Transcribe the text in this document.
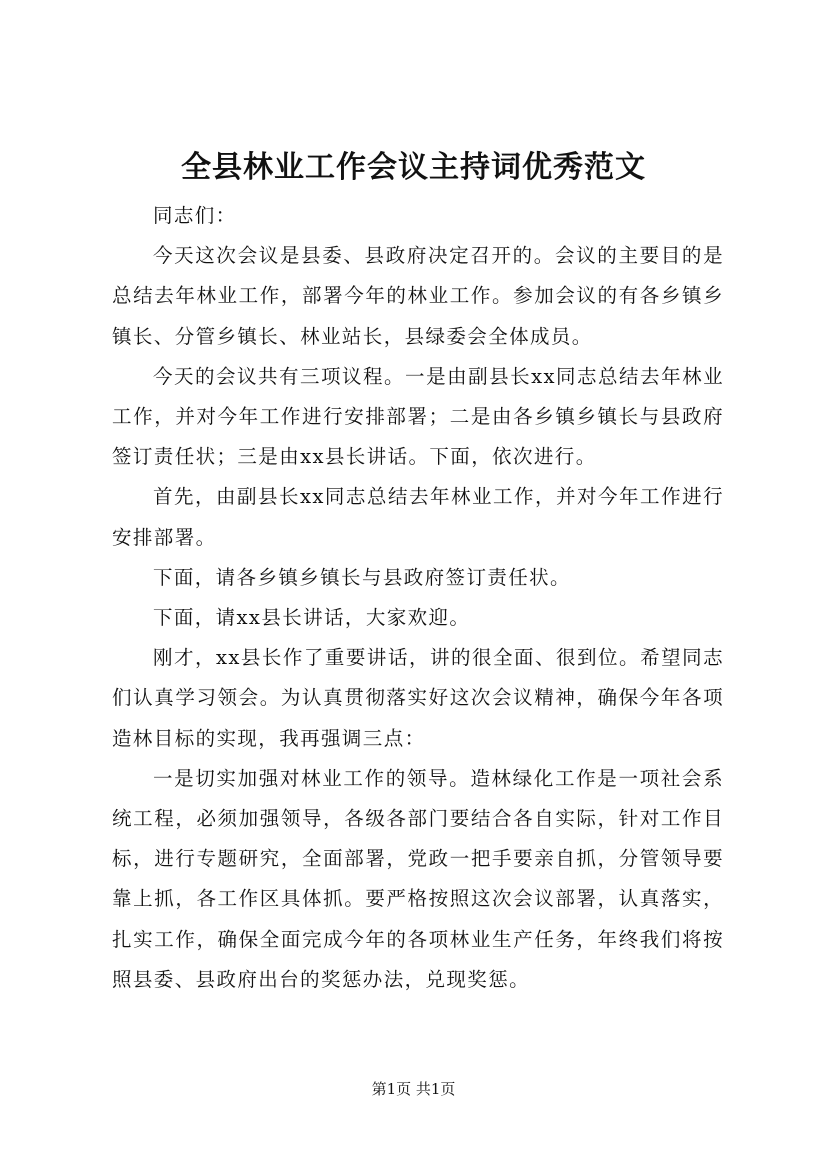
全县林业工作会议主持词优秀范文

同志们：

今天这次会议是县委、县政府决定召开的。会议的主要目的是总结去年林业工作，部署今年的林业工作。参加会议的有各乡镇乡镇长、分管乡镇长、林业站长，县绿委会全体成员。

今天的会议共有三项议程。一是由副县长xx同志总结去年林业工作，并对今年工作进行安排部署；二是由各乡镇乡镇长与县政府签订责任状；三是由xx县长讲话。下面，依次进行。

首先，由副县长xx同志总结去年林业工作，并对今年工作进行安排部署。

下面，请各乡镇乡镇长与县政府签订责任状。

下面，请xx县长讲话，大家欢迎。

刚才，xx县长作了重要讲话，讲的很全面、很到位。希望同志们认真学习领会。为认真贯彻落实好这次会议精神，确保今年各项造林目标的实现，我再强调三点：

一是切实加强对林业工作的领导。造林绿化工作是一项社会系统工程，必须加强领导，各级各部门要结合各自实际，针对工作目标，进行专题研究，全面部署，党政一把手要亲自抓，分管领导要靠上抓，各工作区具体抓。要严格按照这次会议部署，认真落实，扎实工作，确保全面完成今年的各项林业生产任务，年终我们将按照县委、县政府出台的奖惩办法，兑现奖惩。

第1页 共1页
